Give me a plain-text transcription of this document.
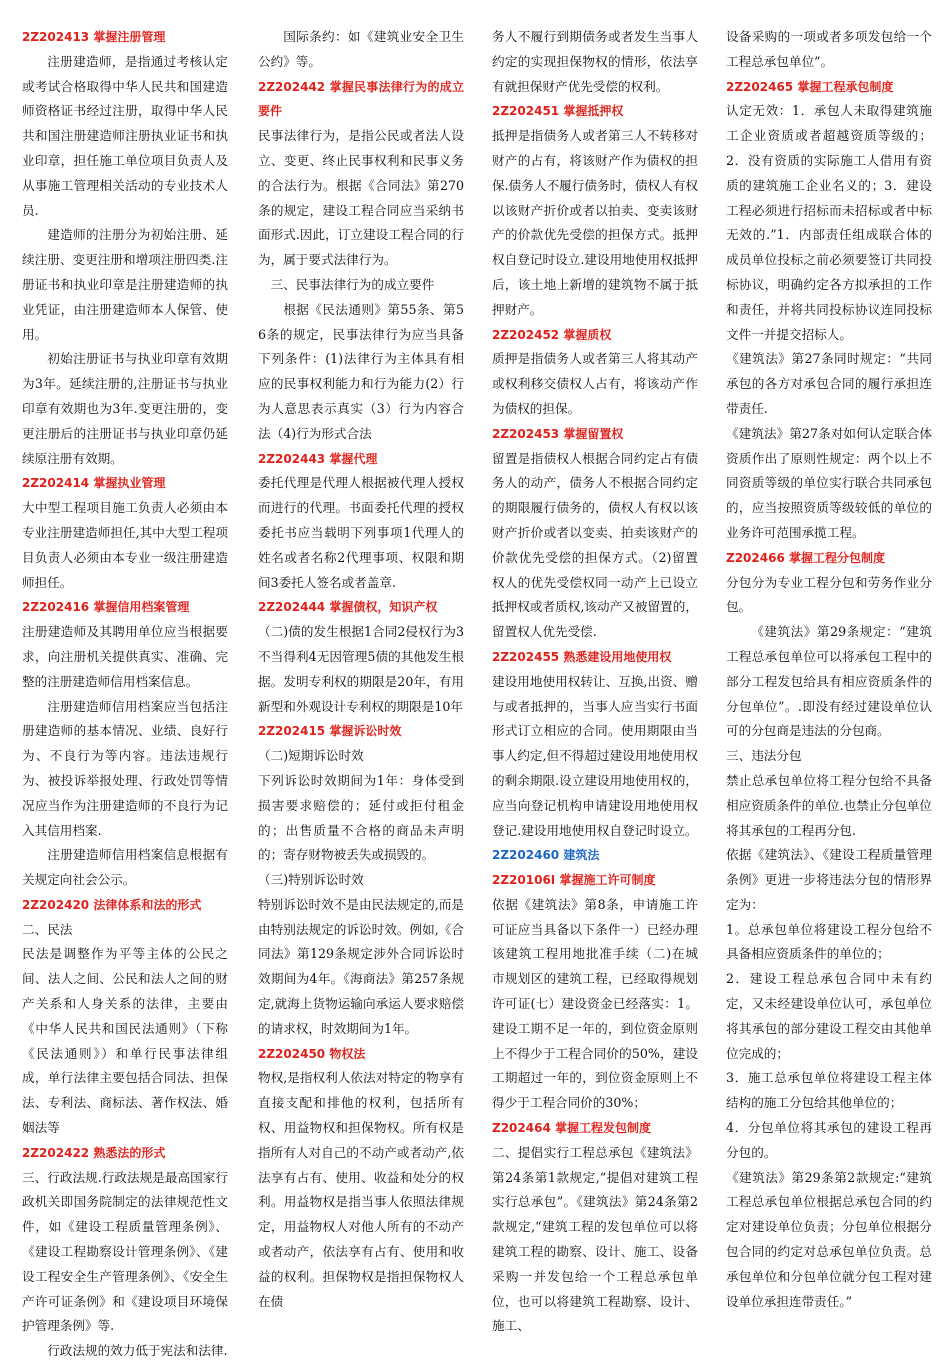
2Z202413 掌握注册管理

注册建造师，是指通过考核认定或考试合格取得中华人民共和国建造师资格证书经过注册，取得中华人民共和国注册建造师注册执业证书和执业印章，担任施工单位项目负责人及从事施工管理相关活动的专业技术人员.

建造师的注册分为初始注册、延续注册、变更注册和增项注册四类.注册证书和执业印章是注册建造师的执业凭证，由注册建造师本人保管、使用。

初始注册证书与执业印章有效期为3年。延续注册的,注册证书与执业印章有效期也为3年.变更注册的，变更注册后的注册证书与执业印章仍延续原注册有效期。

2Z202414 掌握执业管理

大中型工程项目施工负责人必须由本专业注册建造师担任,其中大型工程项目负责人必须由本专业一级注册建造师担任。

2Z202416 掌握信用档案管理

注册建造师及其聘用单位应当根据要求，向注册机关提供真实、准确、完整的注册建造师信用档案信息。

注册建造师信用档案应当包括注册建造师的基本情况、业绩、良好行为、不良行为等内容。违法违规行为、被投诉举报处理、行政处罚等情况应当作为注册建造师的不良行为记入其信用档案.

注册建造师信用档案信息根据有关规定向社会公示。

2Z202420 法律体系和法的形式

二、民法

民法是调整作为平等主体的公民之间、法人之间、公民和法人之间的财产关系和人身关系的法律，主要由《中华人民共和国民法通则》（下称《民法通则》）和单行民事法律组成，单行法律主要包括合同法、担保法、专利法、商标法、著作权法、婚姻法等

2Z202422 熟悉法的形式

三、行政法规.行政法规是最高国家行政机关即国务院制定的法律规范性文件，如《建设工程质量管理条例》、《建设工程勘察设计管理条例》、《建设工程安全生产管理条例》、《安全生产许可证条例》和《建设项目环境保护管理条例》等.

行政法规的效力低于宪法和法律.

国际条约：如《建筑业安全卫生公约》等。

2Z202442 掌握民事法律行为的成立要件

民事法律行为，是指公民或者法人设立、变更、终止民事权利和民事义务的合法行为。根据《合同法》第270条的规定，建设工程合同应当采纳书面形式.因此，订立建设工程合同的行为，属于要式法律行为。

三、民事法律行为的成立要件

根据《民法通则》第55条、第56条的规定，民事法律行为应当具备下列条件：(1)法律行为主体具有相应的民事权利能力和行为能力(2）行为人意思表示真实（3）行为内容合法（4)行为形式合法

2Z202443 掌握代理

委托代理是代理人根据被代理人授权而进行的代理。书面委托代理的授权委托书应当载明下列事项1代理人的姓名或者名称2代理事项、权限和期间3委托人签名或者盖章.

2Z202444 掌握债权，知识产权

（二)债的发生根据1合同2侵权行为3不当得利4无因管理5债的其他发生根据。发明专利权的期限是20年，有用新型和外观设计专利权的期限是10年

2Z202415 掌握诉讼时效

（二)短期诉讼时效

下列诉讼时效期间为1年：身体受到损害要求赔偿的；延付或拒付租金的；出售质量不合格的商品未声明的；寄存财物被丢失或损毁的。

（三)特别诉讼时效

特别诉讼时效不是由民法规定的,而是由特别法规定的诉讼时效。例如,《合同法》第129条规定涉外合同诉讼时效期间为4年。《海商法》第257条规定,就海上货物运输向承运人要求赔偿的请求权，时效期间为1年。

2Z202450 物权法

物权,是指权利人依法对特定的物享有直接支配和排他的权利，包括所有权、用益物权和担保物权。所有权是指所有人对自己的不动产或者动产,依法享有占有、使用、收益和处分的权利。用益物权是指当事人依照法律规定，用益物权人对他人所有的不动产或者动产，依法享有占有、使用和收益的权利。担保物权是指担保物权人在债

务人不履行到期债务或者发生当事人约定的实现担保物权的情形，依法享有就担保财产优先受偿的权利。

2Z202451 掌握抵押权

抵押是指债务人或者第三人不转移对财产的占有，将该财产作为债权的担保.债务人不履行债务时，债权人有权以该财产折价或者以拍卖、变卖该财产的价款优先受偿的担保方式。抵押权自登记时设立.建设用地使用权抵押后，该土地上新增的建筑物不属于抵押财产。

2Z202452 掌握质权

质押是指债务人或者第三人将其动产或权利移交债权人占有，将该动产作为债权的担保。

2Z202453 掌握留置权

留置是指债权人根据合同约定占有债务人的动产，债务人不根据合同约定的期限履行债务的，债权人有权以该财产折价或者以变卖、拍卖该财产的价款优先受偿的担保方式。（2)留置权人的优先受偿权同一动产上已设立抵押权或者质权,该动产又被留置的，留置权人优先受偿.

2Z202455 熟悉建设用地使用权

建设用地使用权转让、互换,出资、赠与或者抵押的，当事人应当实行书面形式订立相应的合同。使用期限由当事人约定,但不得超过建设用地使用权的剩余期限.设立建设用地使用权的，应当向登记机构申请建设用地使用权登记.建设用地使用权自登记时设立。

2Z202460 建筑法

2Z20106I 掌握施工许可制度

依据《建筑法》第8条，申请施工许可证应当具备以下条件一）已经办理该建筑工程用地批准手续（二)在城市规划区的建筑工程，已经取得规划许可证(七）建设资金已经落实：1。建设工期不足一年的，到位资金原则上不得少于工程合同价的50%，建设工期超过一年的，到位资金原则上不得少于工程合同价的30%；

Z202464 掌握工程发包制度

二、提倡实行工程总承包《建筑法》第24条第1款规定,“提倡对建筑工程实行总承包”。《建筑法》第24条第2款规定,“建筑工程的发包单位可以将建筑工程的勘察、设计、施工、设备采购一并发包给一个工程总承包单位，也可以将建筑工程勘察、设计、施工、

设备采购的一项或者多项发包给一个工程总承包单位”。

2Z202465 掌握工程承包制度

认定无效：1．承包人未取得建筑施工企业资质或者超越资质等级的；2．没有资质的实际施工人借用有资质的建筑施工企业名义的；3．建设工程必须进行招标而未招标或者中标无效的.”1．内部责任组成联合体的成员单位投标之前必须要签订共同投标协议，明确约定各方拟承担的工作和责任，并将共同投标协议连同投标文件一并提交招标人。

《建筑法》第27条同时规定：“共同承包的各方对承包合同的履行承担连带责任.

《建筑法》第27条对如何认定联合体资质作出了原则性规定：两个以上不同资质等级的单位实行联合共同承包的，应当按照资质等级较低的单位的业务许可范围承揽工程。

Z202466 掌握工程分包制度

分包分为专业工程分包和劳务作业分包。

《建筑法》第29条规定：“建筑工程总承包单位可以将承包工程中的部分工程发包给具有相应资质条件的分包单位”。.即没有经过建设单位认可的分包商是违法的分包商。

三、违法分包

禁止总承包单位将工程分包给不具备相应资质条件的单位.也禁止分包单位将其承包的工程再分包.

依据《建筑法》、《建设工程质量管理条例》更进一步将违法分包的情形界定为：

1。总承包单位将建设工程分包给不具备相应资质条件的单位的；

2．建设工程总承包合同中未有约定，又未经建设单位认可，承包单位将其承包的部分建设工程交由其他单位完成的；

3．施工总承包单位将建设工程主体结构的施工分包给其他单位的；

4．分包单位将其承包的建设工程再分包的。

《建筑法》第29条第2款规定:“建筑工程总承包单位根据总承包合同的约定对建设单位负责；分包单位根据分包合同的约定对总承包单位负责。总承包单位和分包单位就分包工程对建设单位承担连带责任。”
